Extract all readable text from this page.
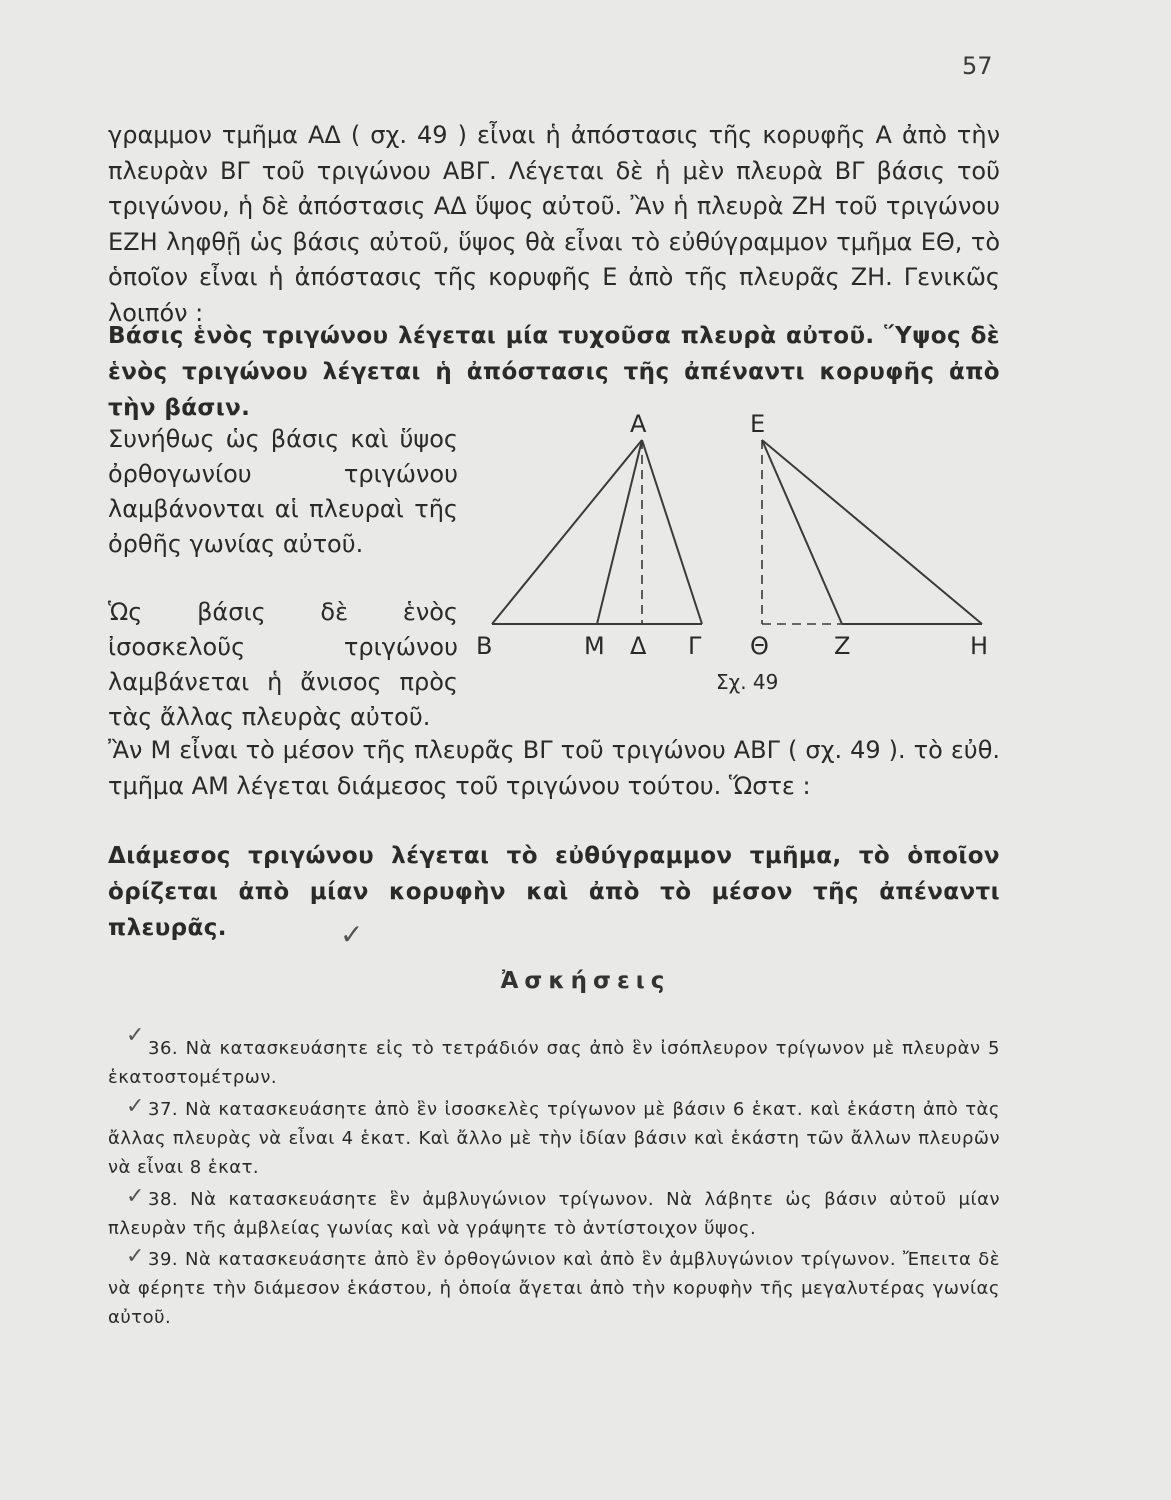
57
γραμμον τμῆμα ΑΔ ( σχ. 49 ) εἶναι ἡ ἀπόστασις τῆς κορυφῆς Α ἀπὸ τὴν πλευρὰν ΒΓ τοῦ τριγώνου ΑΒΓ. Λέγεται δὲ ἡ μὲν πλευρὰ ΒΓ βάσις τοῦ τριγώνου, ἡ δὲ ἀπόστασις ΑΔ ὕψος αὐτοῦ. Ἂν ἡ πλευρὰ ΖΗ τοῦ τριγώνου ΕΖΗ ληφθῇ ὡς βάσις αὐτοῦ, ὕψος θὰ εἶναι τὸ εὐθύγραμμον τμῆμα ΕΘ, τὸ ὁποῖον εἶναι ἡ ἀπόστασις τῆς κορυφῆς Ε ἀπὸ τῆς πλευρᾶς ΖΗ. Γενικῶς λοιπόν :
Βάσις ἑνὸς τριγώνου λέγεται μία τυχοῦσα πλευρὰ αὐτοῦ. Ὕψος δὲ ἑνὸς τριγώνου λέγεται ἡ ἀπόστασις τῆς ἀπέναντι κορυφῆς ἀπὸ τὴν βάσιν.
Συνήθως ὡς βάσις καὶ ὕψος ὀρθογωνίου τριγώνου λαμβάνονται αἱ πλευραὶ τῆς ὀρθῆς γωνίας αὐτοῦ.
Ὡς βάσις δὲ ἑνὸς ἰσοσκελοῦς τριγώνου λαμβάνεται ἡ ἄνισος πρὸς τὰς ἄλλας πλευρὰς αὐτοῦ.
Α
Β	Μ Δ Γ
Ε
Θ	Ζ	Η
Σχ. 49
Ἂν Μ εἶναι τὸ μέσον τῆς πλευρᾶς ΒΓ τοῦ τριγώνου ΑΒΓ ( σχ. 49 ). τὸ εὐθ. τμῆμα ΑΜ λέγεται διάμεσος τοῦ τριγώνου τούτου. Ὥστε :
Διάμεσος τριγώνου λέγεται τὸ εὐθύγραμμον τμῆμα, τὸ ὁποῖον ὁρίζεται ἀπὸ μίαν κορυφὴν καὶ ἀπὸ τὸ μέσον τῆς ἀπέναντι πλευρᾶς.	✓
Ἀσκήσεις
✓
36. Νὰ κατασκευάσητε εἰς τὸ τετράδιόν σας ἀπὸ ἓν ἰσόπλευρον τρίγωνον μὲ πλευρὰν 5 ἑκατοστομέτρων.
✓ 37. Νὰ κατασκευάσητε ἀπὸ ἓν ἰσοσκελὲς τρίγωνον μὲ βάσιν 6 ἑκατ. καὶ ἑκάστη ἀπὸ τὰς ἄλλας πλευρὰς νὰ εἶναι 4 ἑκατ. Καὶ ἄλλο μὲ τὴν ἰδίαν βάσιν καὶ ἑκάστη τῶν ἄλλων πλευρῶν νὰ εἶναι 8 ἑκατ.
✓ 38. Νὰ κατασκευάσητε ἓν ἀμβλυγώνιον τρίγωνον. Νὰ λάβητε ὡς βάσιν αὐτοῦ μίαν πλευρὰν τῆς ἀμβλείας γωνίας καὶ νὰ γράψητε τὸ ἀντίστοιχον ὕψος.
✓ 39. Νὰ κατασκευάσητε ἀπὸ ἓν ὀρθογώνιον καὶ ἀπὸ ἓν ἀμβλυγώνιον τρίγωνον. Ἔπειτα δὲ νὰ φέρητε τὴν διάμεσον ἑκάστου, ἡ ὁποία ἄγεται ἀπὸ τὴν κορυφὴν τῆς μεγαλυτέρας γωνίας αὐτοῦ.
